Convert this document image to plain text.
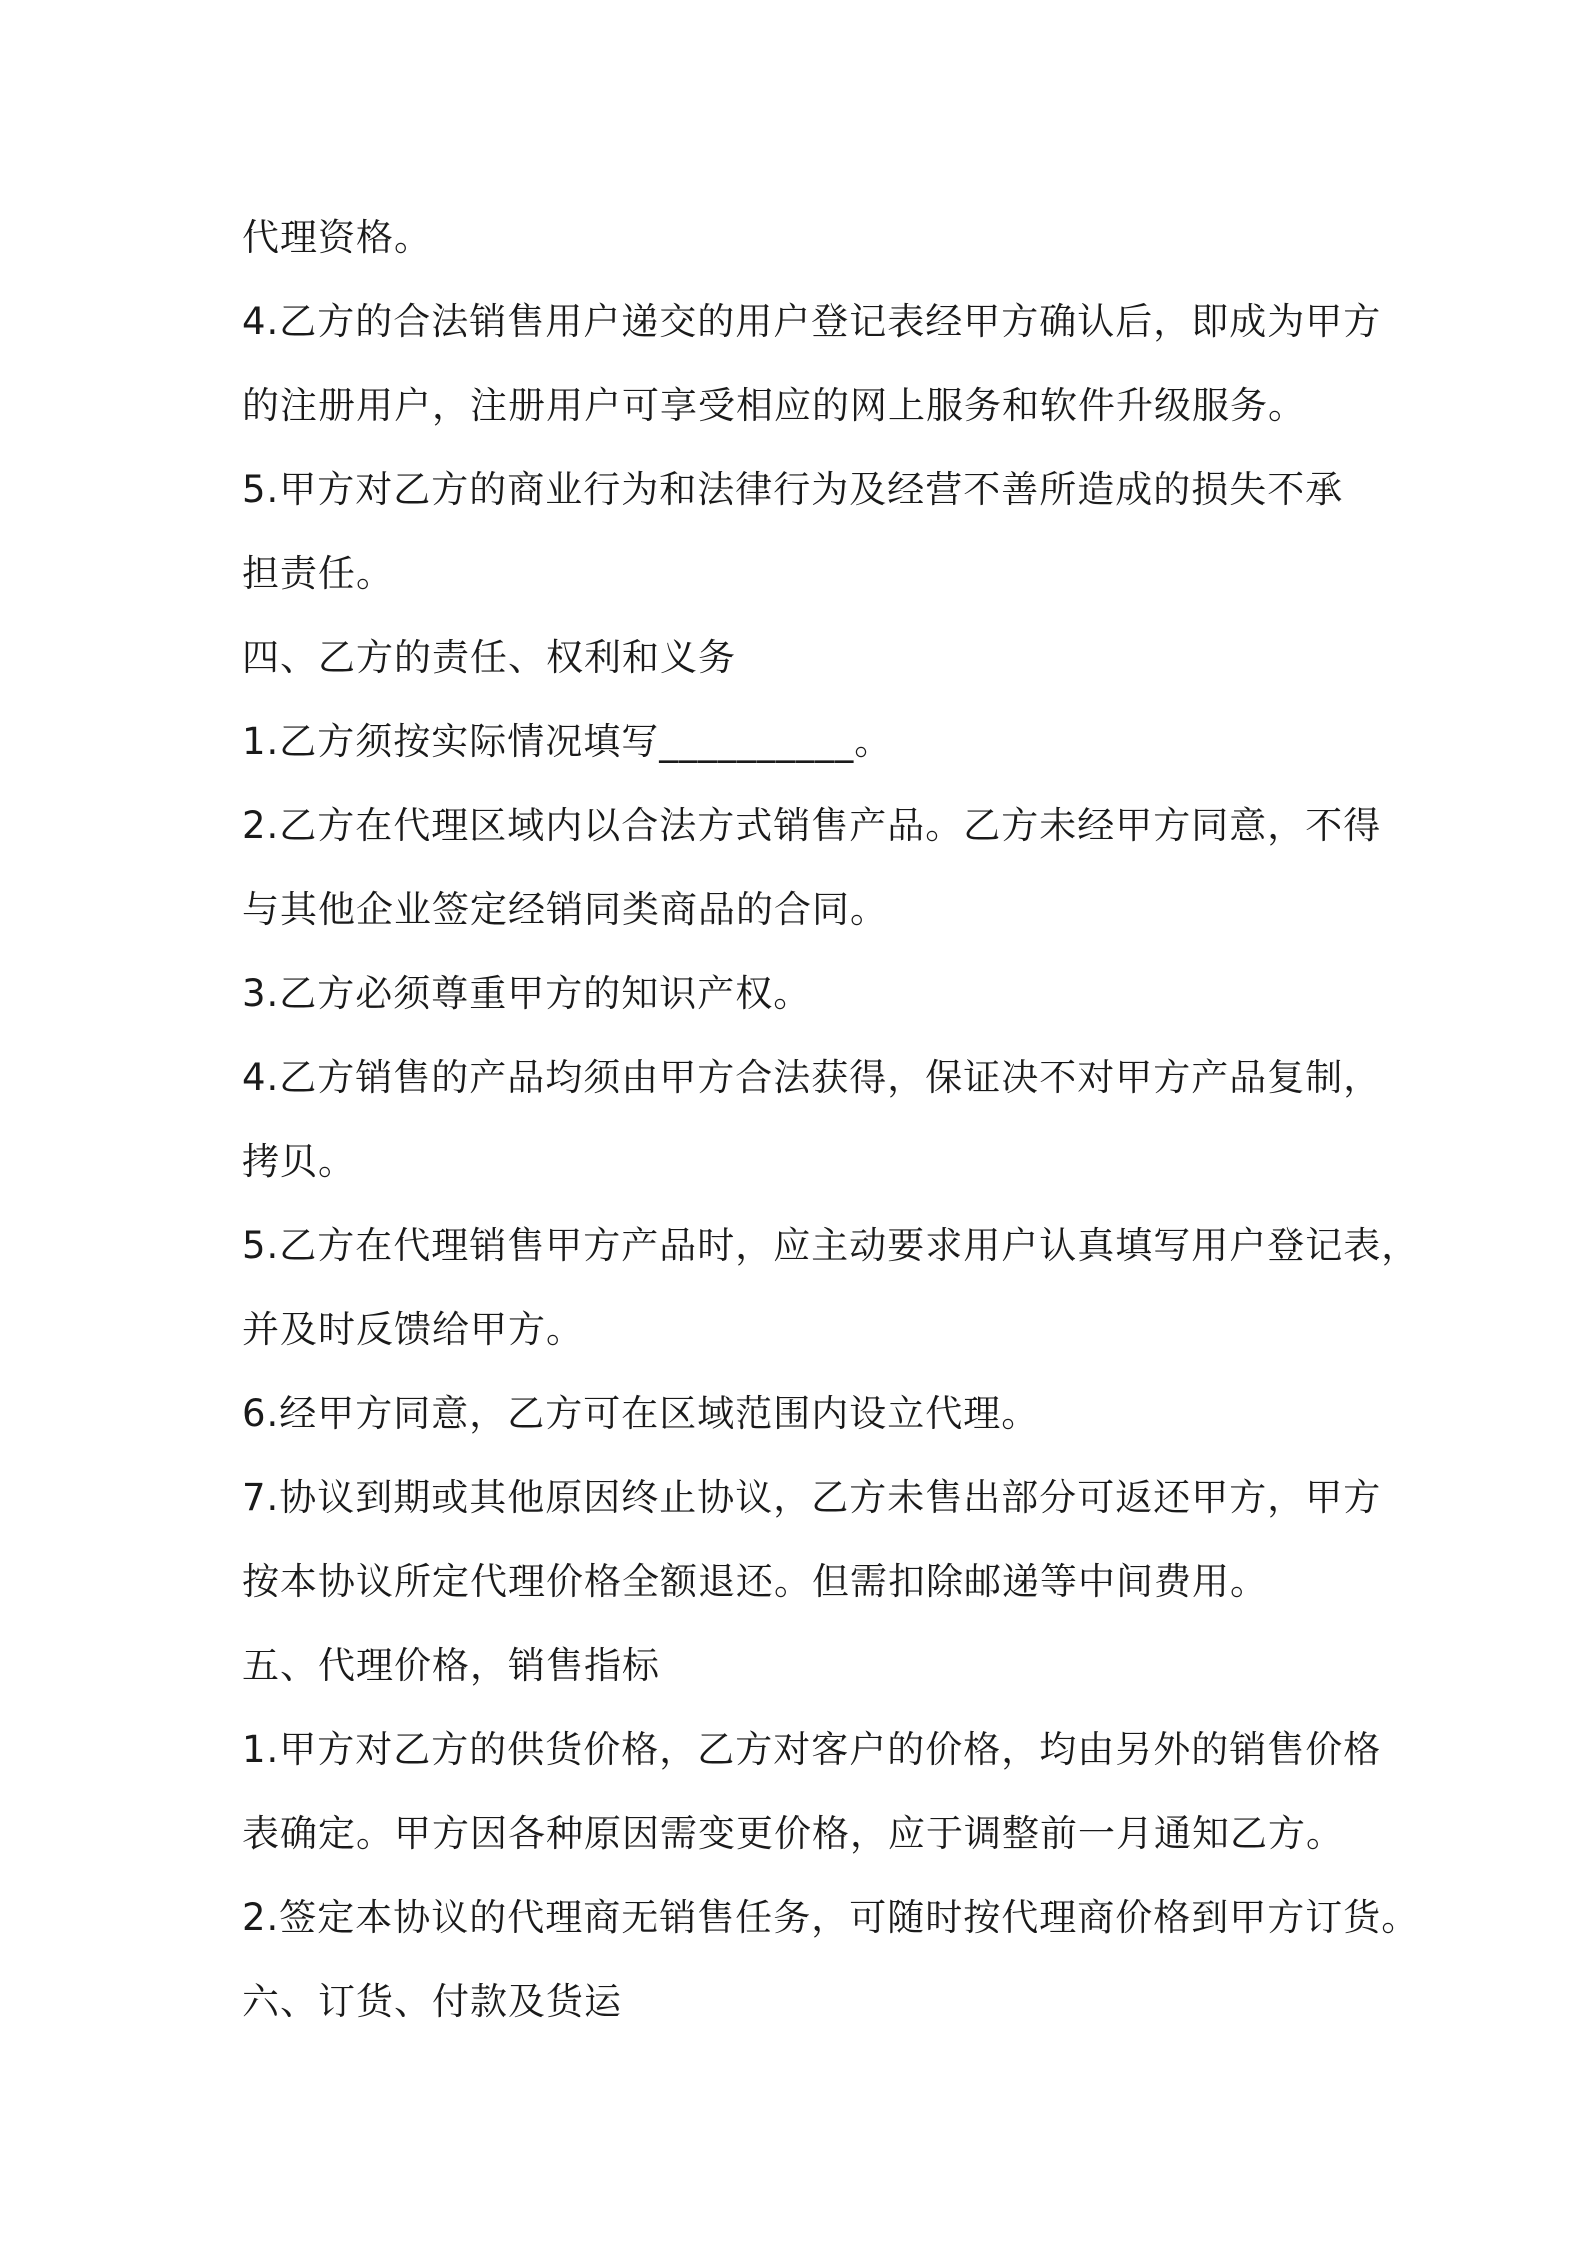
代理资格。
4.乙方的合法销售用户递交的用户登记表经甲方确认后，即成为甲方
的注册用户，注册用户可享受相应的网上服务和软件升级服务。
5.甲方对乙方的商业行为和法律行为及经营不善所造成的损失不承
担责任。
四、乙方的责任、权利和义务
1.乙方须按实际情况填写__________。
2.乙方在代理区域内以合法方式销售产品。乙方未经甲方同意，不得
与其他企业签定经销同类商品的合同。
3.乙方必须尊重甲方的知识产权。
4.乙方销售的产品均须由甲方合法获得，保证决不对甲方产品复制，
拷贝。
5.乙方在代理销售甲方产品时，应主动要求用户认真填写用户登记表，
并及时反馈给甲方。
6.经甲方同意，乙方可在区域范围内设立代理。
7.协议到期或其他原因终止协议，乙方未售出部分可返还甲方，甲方
按本协议所定代理价格全额退还。但需扣除邮递等中间费用。
五、代理价格，销售指标
1.甲方对乙方的供货价格，乙方对客户的价格，均由另外的销售价格
表确定。甲方因各种原因需变更价格，应于调整前一月通知乙方。
2.签定本协议的代理商无销售任务，可随时按代理商价格到甲方订货。
六、订货、付款及货运
